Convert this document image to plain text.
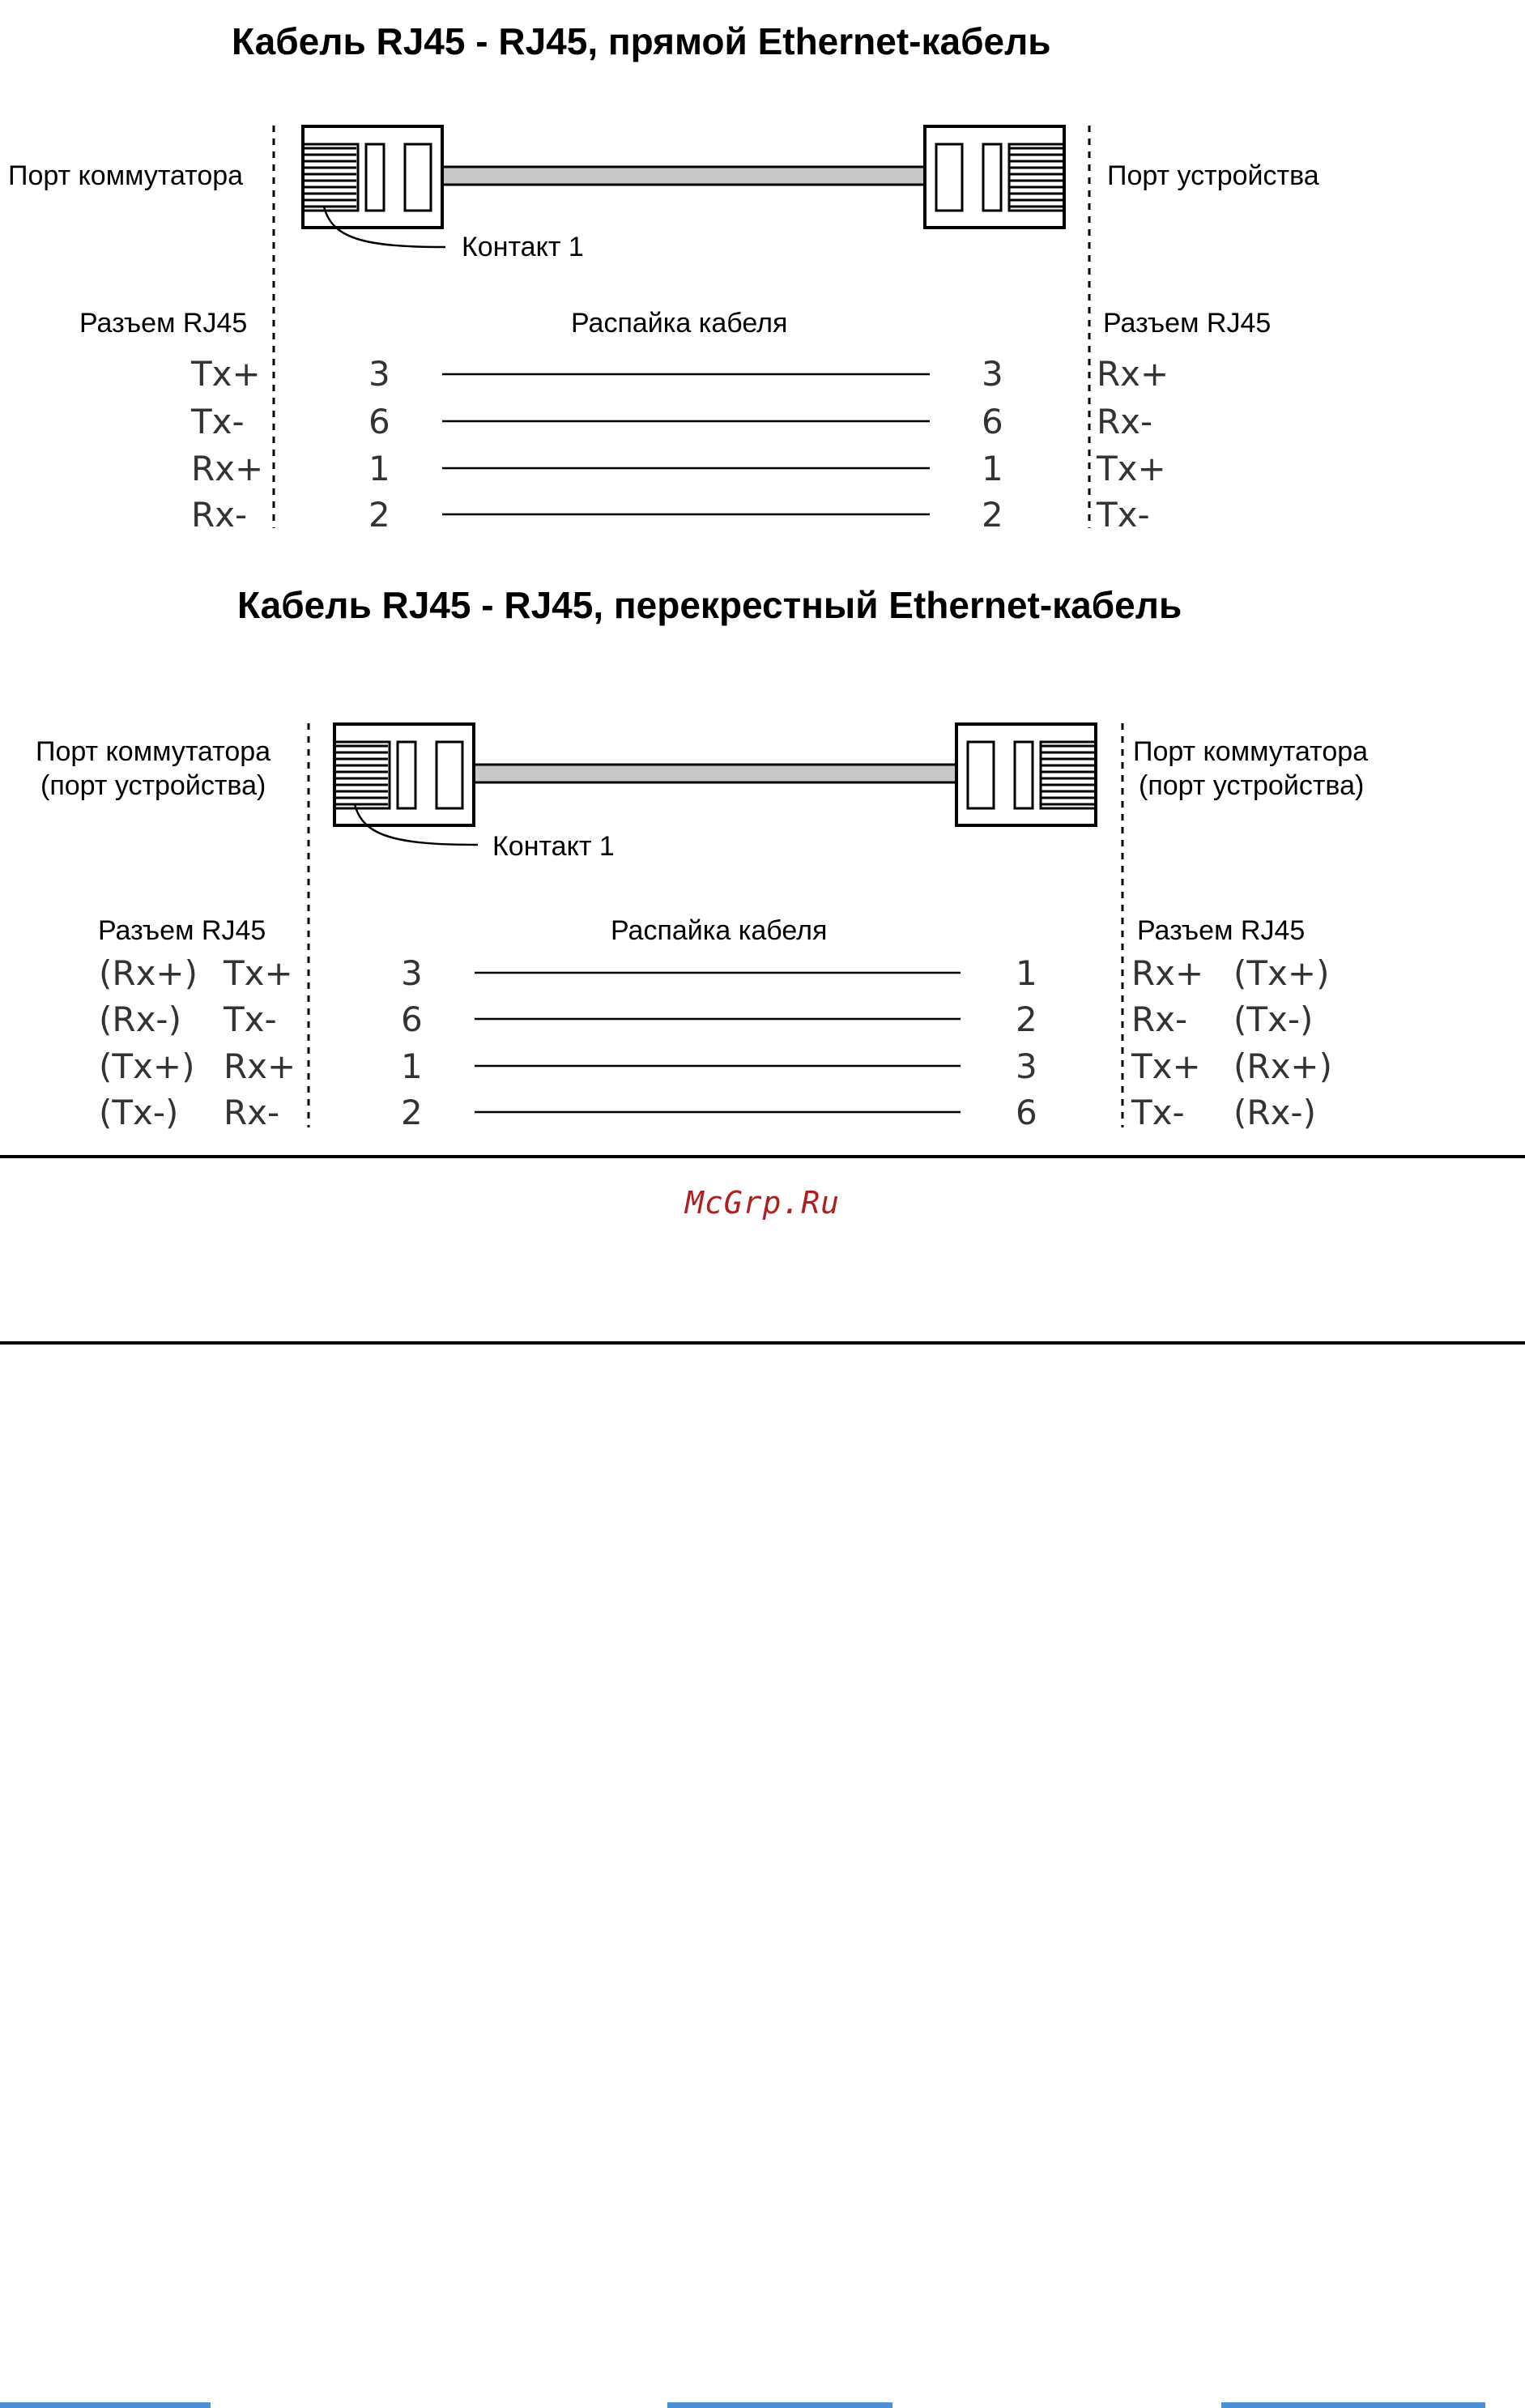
Кабель RJ45 - RJ45, прямой Ethernet-кабель
Порт коммутатора	Порт устройства
Контакт 1
Разъем RJ45	Распайка кабеля	Разъем RJ45
Tx+	3	3	Rx+
Tx-	6	6	Rx-
Rx+	1	1	Tx+
Rx-	2	2	Tx-
Кабель RJ45 - RJ45, перекрестный Ethernet-кабель
Порт коммутатора
(порт устройства)
Порт коммутатора
(порт устройства)
Контакт 1
Разъем RJ45	Распайка кабеля	Разъем RJ45
(Rx+) Tx+	3	1	Rx+ (Tx+)
(Rx-) Tx-	6	2	Rx- (Tx-)
(Tx+) Rx+	1	3	Tx+ (Rx+)
(Tx-) Rx-	2	6	Tx- (Rx-)
McGrp.Ru
